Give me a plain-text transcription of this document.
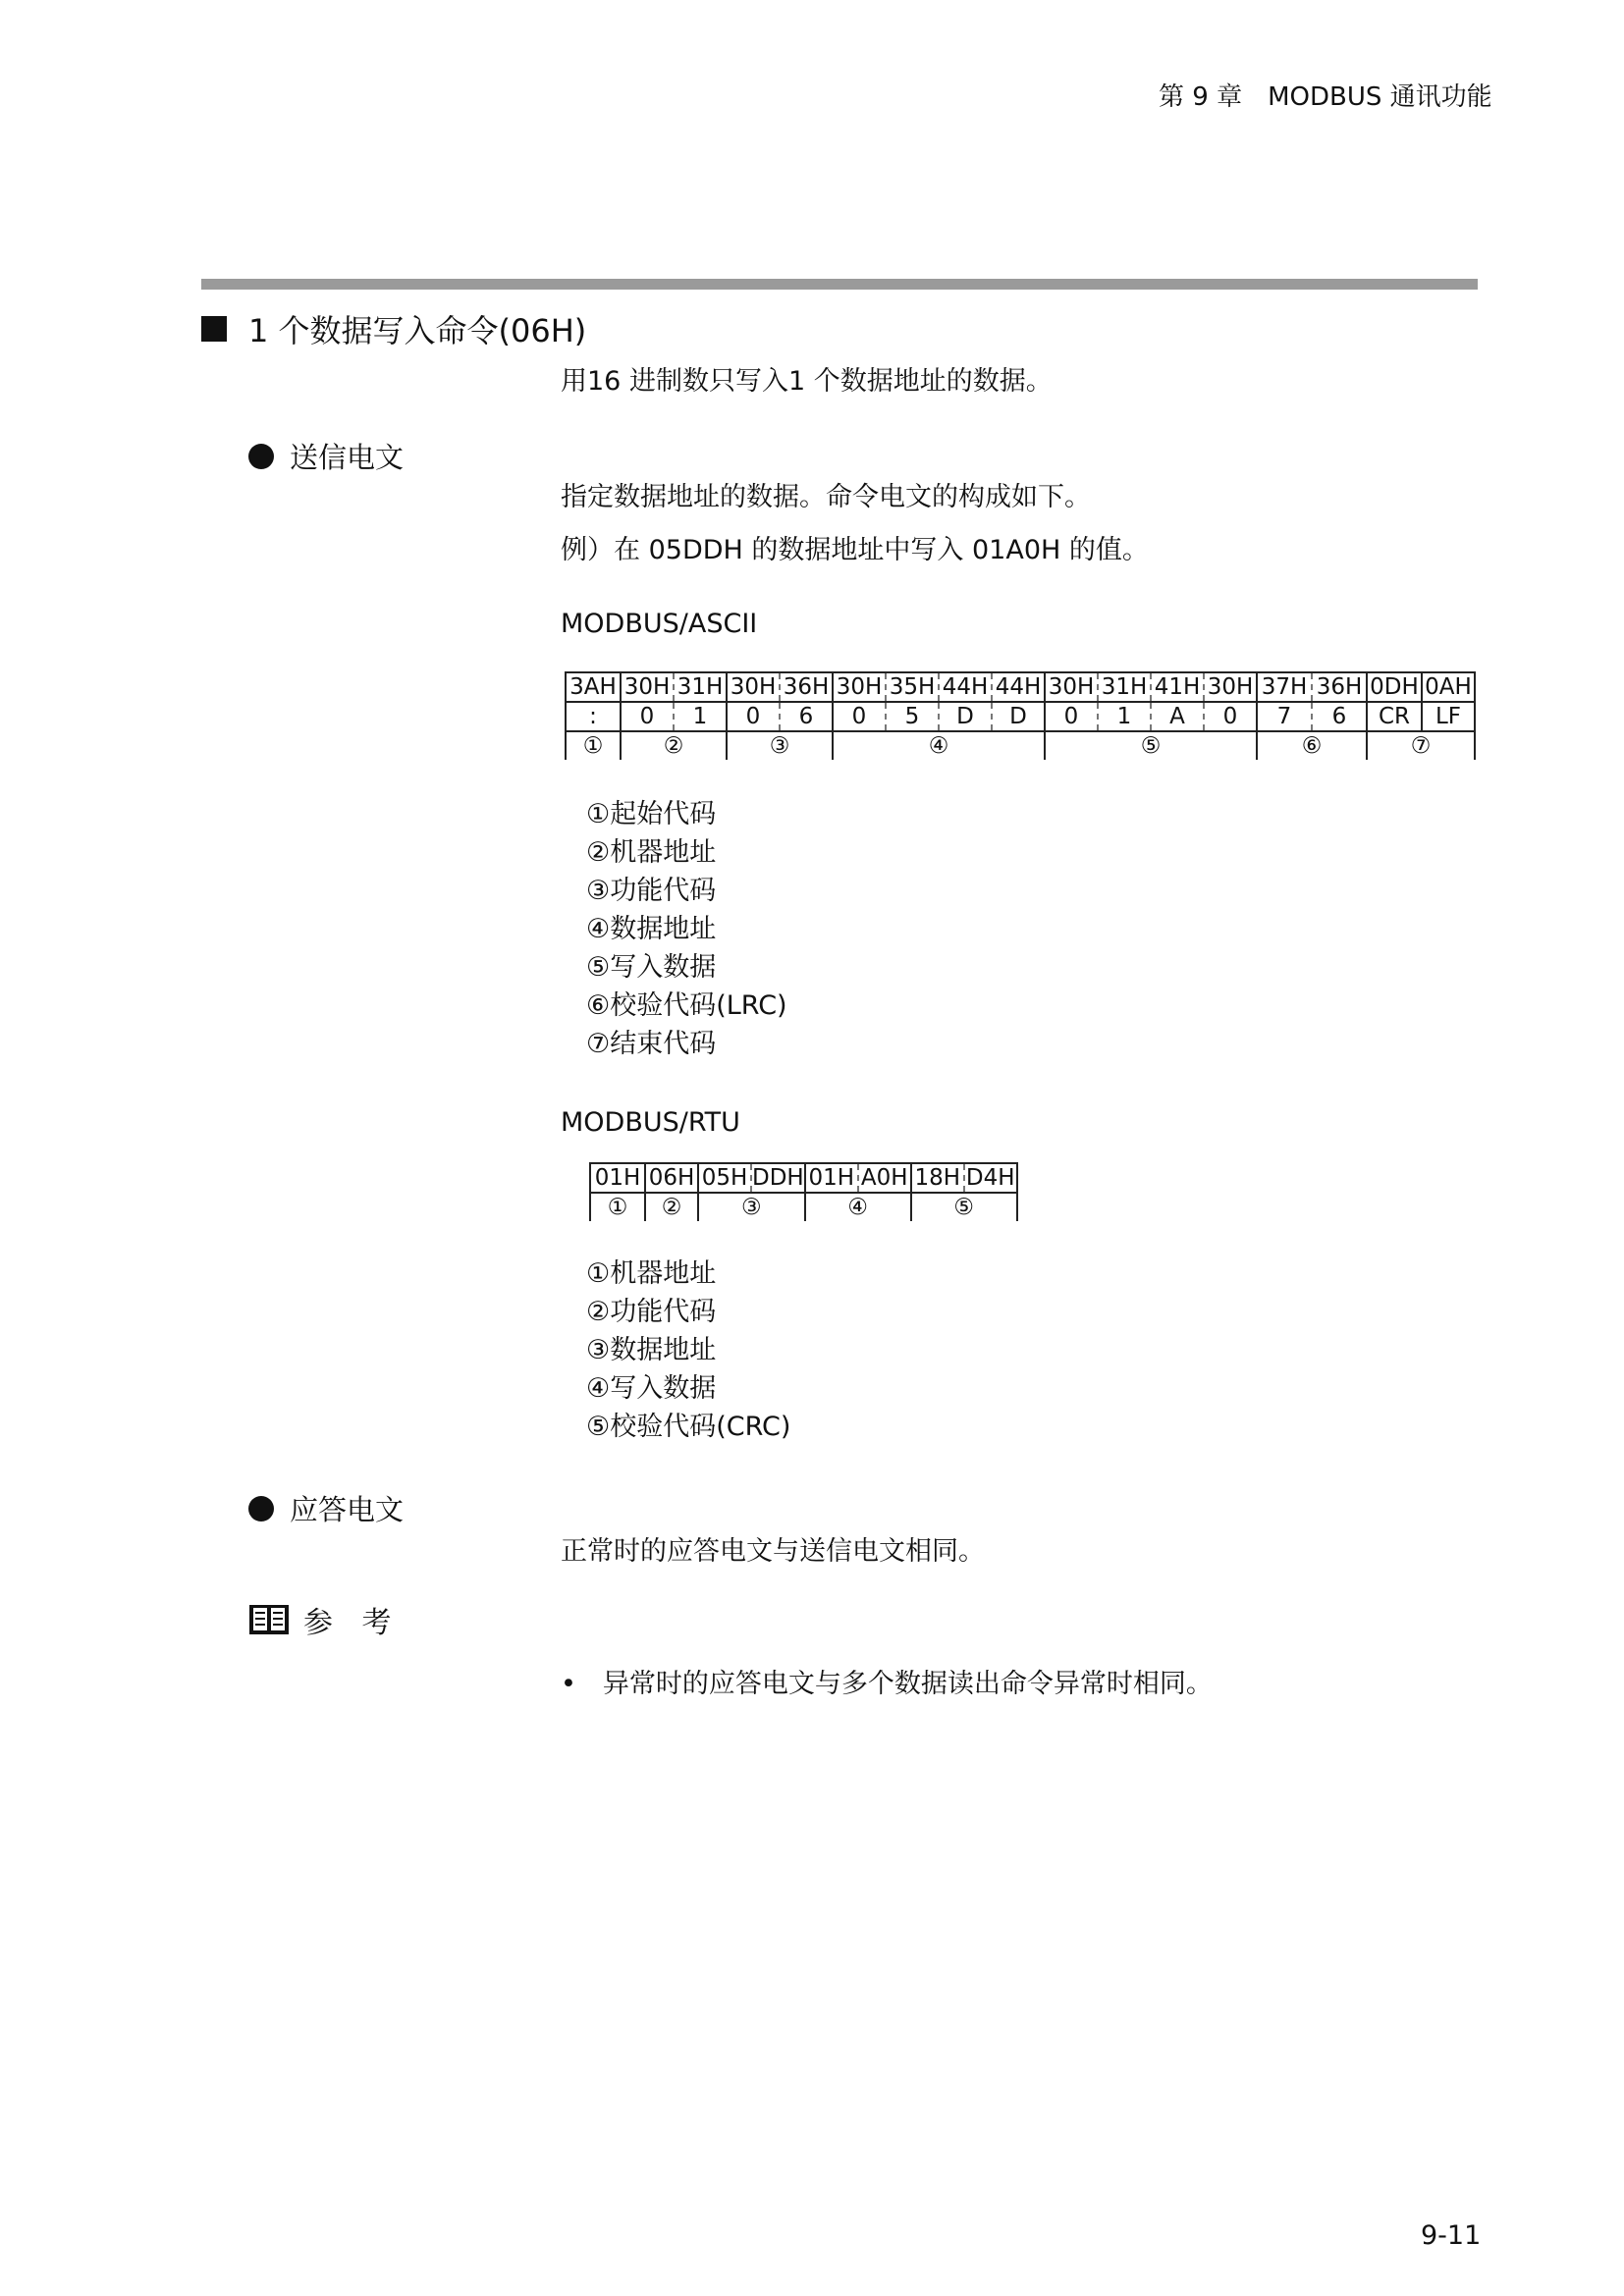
第 9 章　MODBUS 通讯功能
1 个数据写入命令(06H)
用16 进制数只写入1 个数据地址的数据。
送信电文
指定数据地址的数据。命令电文的构成如下。
例）在 05DDH 的数据地址中写入 01A0H 的值。
MODBUS/ASCII
3AH	30H	31H	30H	36H	30H	35H	44H	44H	30H	31H	41H	30H	37H	36H	0DH	0AH
:	0	1	0	6	0	5	D	D	0	1	A	0	7	6	CR	LF
①	②		③		④				⑤				⑥		⑦	
①起始代码
②机器地址
③功能代码
④数据地址
⑤写入数据
⑥校验代码(LRC)
⑦结束代码
MODBUS/RTU
01H	06H	05H	DDH	01H	A0H	18H	D4H
①	②	③		④		⑤	
①机器地址
②功能代码
③数据地址
④写入数据
⑤校验代码(CRC)
应答电文
正常时的应答电文与送信电文相同。
参 考
•　异常时的应答电文与多个数据读出命令异常时相同。
9-11
